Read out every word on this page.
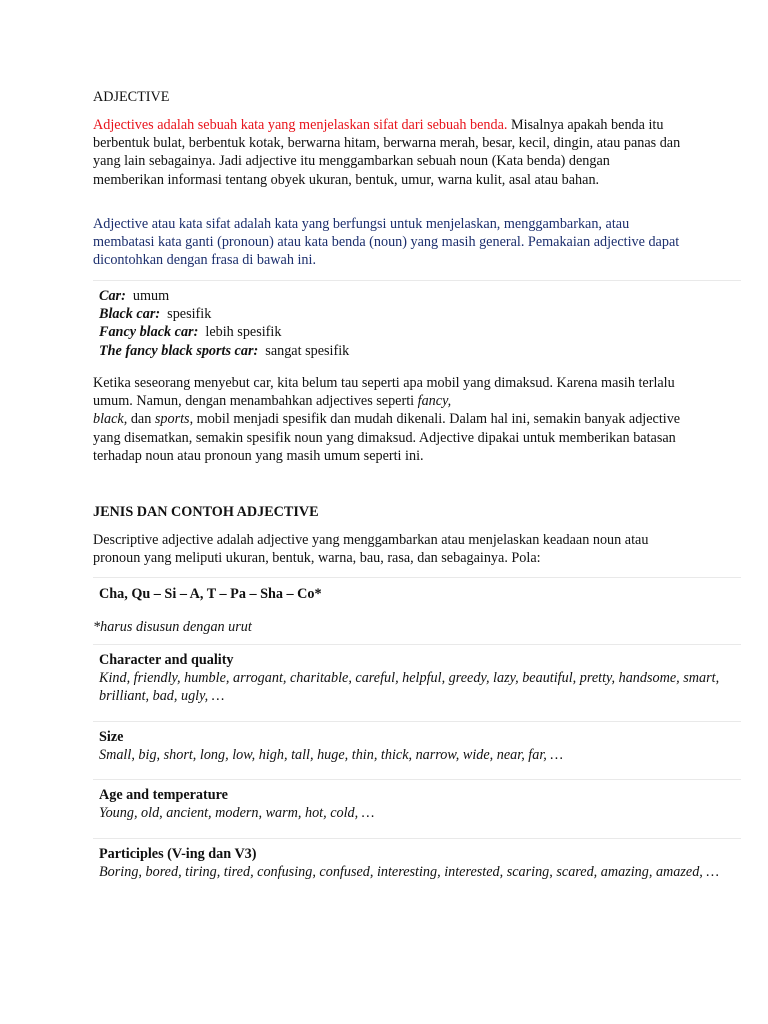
ADJECTIVE
Adjectives adalah sebuah kata yang menjelaskan sifat dari sebuah benda. Misalnya apakah benda itu berbentuk bulat, berbentuk kotak, berwarna hitam, berwarna merah, besar, kecil, dingin, atau panas dan yang lain sebagainya. Jadi adjective itu menggambarkan sebuah noun (Kata benda) dengan memberikan informasi tentang obyek ukuran, bentuk, umur, warna kulit, asal atau bahan.
Adjective atau kata sifat adalah kata yang berfungsi untuk menjelaskan, menggambarkan, atau membatasi kata ganti (pronoun) atau kata benda (noun) yang masih general. Pemakaian adjective dapat dicontohkan dengan frasa di bawah ini.
Car: umum
Black car: spesifik
Fancy black car: lebih spesifik
The fancy black sports car: sangat spesifik
Ketika seseorang menyebut car, kita belum tau seperti apa mobil yang dimaksud. Karena masih terlalu umum. Namun, dengan menambahkan adjectives seperti fancy,
black, dan sports, mobil menjadi spesifik dan mudah dikenali. Dalam hal ini, semakin banyak adjective yang disematkan, semakin spesifik noun yang dimaksud. Adjective dipakai untuk memberikan batasan terhadap noun atau pronoun yang masih umum seperti ini.
JENIS DAN CONTOH ADJECTIVE
Descriptive adjective adalah adjective yang menggambarkan atau menjelaskan keadaan noun atau pronoun yang meliputi ukuran, bentuk, warna, bau, rasa, dan sebagainya. Pola:
Cha, Qu – Si – A, T – Pa – Sha – Co*
*harus disusun dengan urut
Character and quality
Kind, friendly, humble, arrogant, charitable, careful, helpful, greedy, lazy, beautiful, pretty, handsome, smart, brilliant, bad, ugly, …
Size
Small, big, short, long, low, high, tall, huge, thin, thick, narrow, wide, near, far, …
Age and temperature
Young, old, ancient, modern, warm, hot, cold, …
Participles (V-ing dan V3)
Boring, bored, tiring, tired, confusing, confused, interesting, interested, scaring, scared, amazing, amazed, …
